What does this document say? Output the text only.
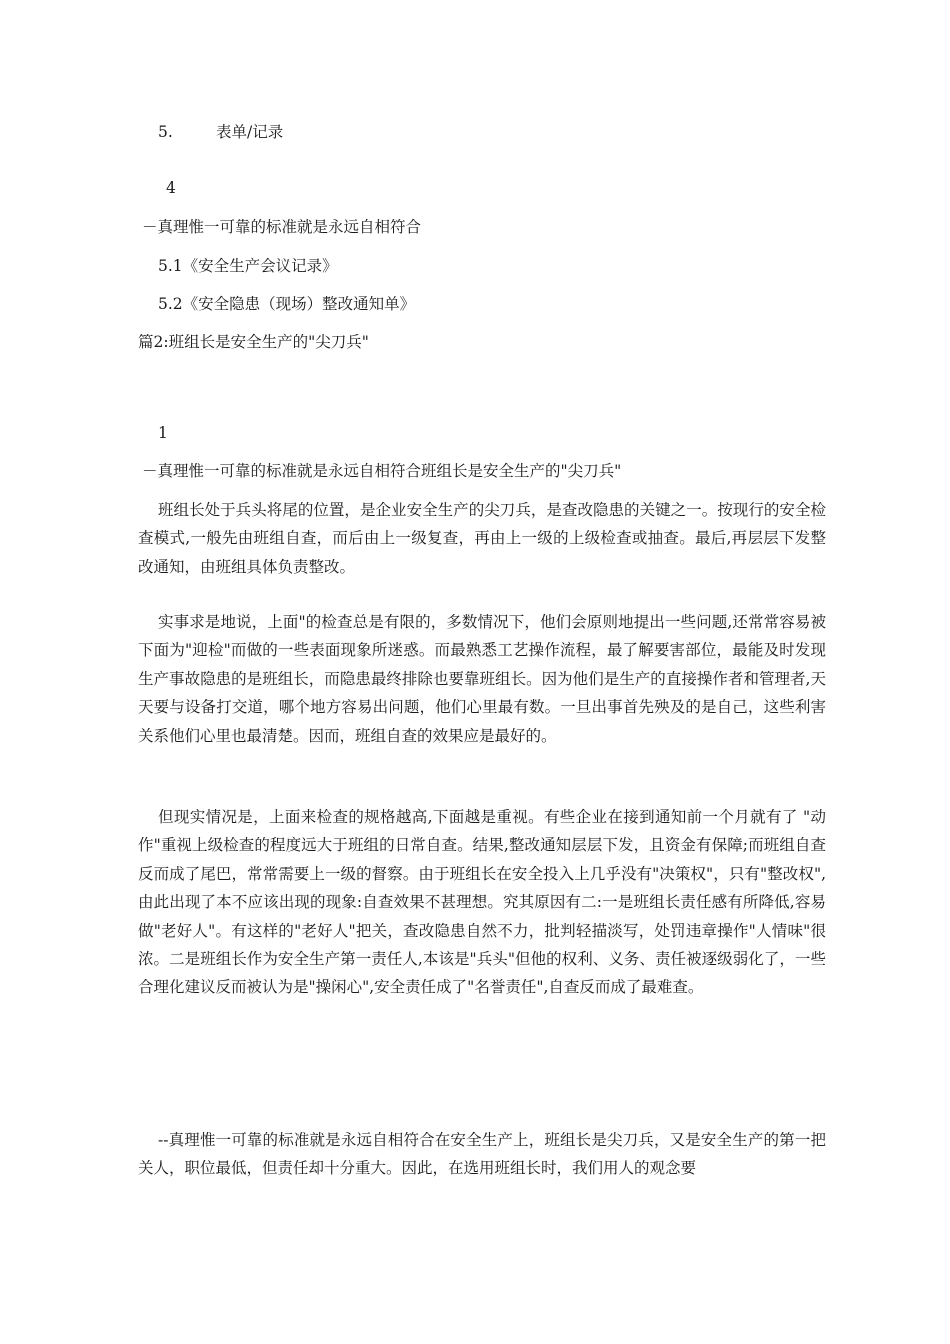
5.	表单/记录
4
－真理惟一可靠的标准就是永远自相符合
5.1《安全生产会议记录》
5.2《安全隐患（现场）整改通知单》
篇2:班组长是安全生产的"尖刀兵"
1
－真理惟一可靠的标准就是永远自相符合班组长是安全生产的"尖刀兵"

班组长处于兵头将尾的位置，是企业安全生产的尖刀兵，是查改隐患的关键之一。按现行的安全检查模式,一般先由班组自查，而后由上一级复查，再由上一级的上级检查或抽查。最后,再层层下发整改通知，由班组具体负责整改。

实事求是地说，上面"的检查总是有限的，多数情况下，他们会原则地提出一些问题,还常常容易被下面为"迎检"而做的一些表面现象所迷惑。而最熟悉工艺操作流程，最了解要害部位，最能及时发现生产事故隐患的是班组长，而隐患最终排除也要靠班组长。因为他们是生产的直接操作者和管理者,天天要与设备打交道，哪个地方容易出问题，他们心里最有数。一旦出事首先殃及的是自己，这些利害关系他们心里也最清楚。因而，班组自查的效果应是最好的。

但现实情况是，上面来检查的规格越高,下面越是重视。有些企业在接到通知前一个月就有了 "动作"重视上级检查的程度远大于班组的日常自查。结果,整改通知层层下发，且资金有保障;而班组自查反而成了尾巴，常常需要上一级的督察。由于班组长在安全投入上几乎没有"决策权"，只有"整改权",由此出现了本不应该出现的现象:自查效果不甚理想。究其原因有二:一是班组长责任感有所降低,容易做"老好人"。有这样的"老好人"把关，查改隐患自然不力，批判轻描淡写，处罚违章操作"人情味"很浓。二是班组长作为安全生产第一责任人,本该是"兵头"但他的权利、义务、责任被逐级弱化了，一些合理化建议反而被认为是"操闲心",安全责任成了"名誉责任",自查反而成了最难查。

--真理惟一可靠的标准就是永远自相符合在安全生产上，班组长是尖刀兵，又是安全生产的第一把关人，职位最低，但责任却十分重大。因此，在选用班组长时，我们用人的观念要
